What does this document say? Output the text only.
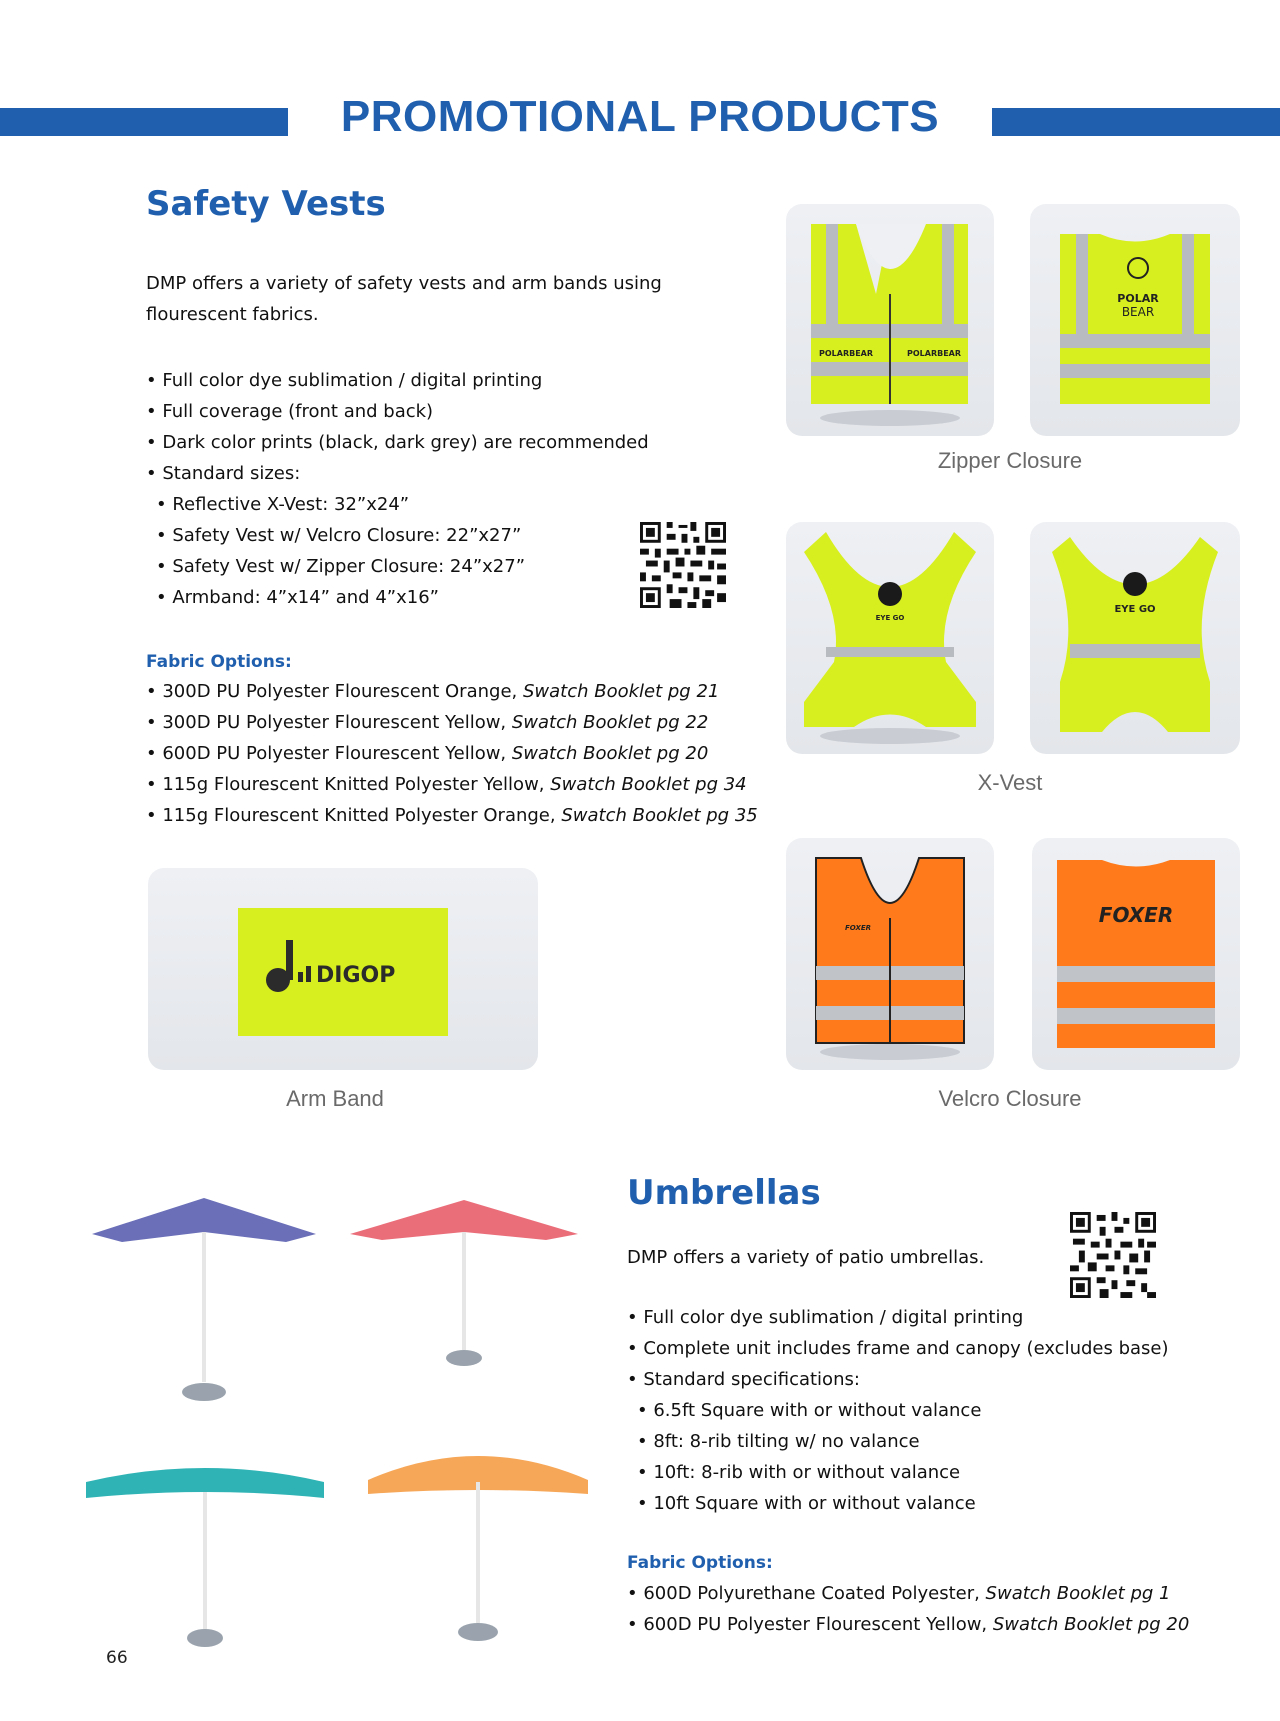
PROMOTIONAL PRODUCTS
Safety Vests
DMP offers a variety of safety vests and arm bands using flourescent fabrics.
• Full color dye sublimation / digital printing
• Full coverage (front and back)
• Dark color prints (black, dark grey) are recommended
• Standard sizes:
• Reflective X-Vest: 32”x24”
• Safety Vest w/ Velcro Closure: 22”x27”
• Safety Vest w/ Zipper Closure: 24”x27”
• Armband: 4”x14” and 4”x16”
Fabric Options:
• 300D PU Polyester Flourescent Orange, Swatch Booklet pg 21
• 300D PU Polyester Flourescent Yellow, Swatch Booklet pg 22
• 600D PU Polyester Flourescent Yellow, Swatch Booklet pg 20
• 115g Flourescent Knitted Polyester Yellow, Swatch Booklet pg 34
• 115g Flourescent Knitted Polyester Orange, Swatch Booklet pg 35
POLARBEAR	POLARBEAR
POLAR
BEAR
Zipper Closure
EYE GO
EYE GO
X-Vest
FOXER
FOXER
Velcro Closure
DIGOP
Arm Band
Umbrellas
DMP offers a variety of patio umbrellas.
• Full color dye sublimation / digital printing
• Complete unit includes frame and canopy (excludes base)
• Standard specifications:
• 6.5ft Square with or without valance
• 8ft: 8-rib tilting w/ no valance
• 10ft: 8-rib with or without valance
• 10ft Square with or without valance
Fabric Options:
• 600D Polyurethane Coated Polyester, Swatch Booklet pg 1
• 600D PU Polyester Flourescent Yellow, Swatch Booklet pg 20
66
